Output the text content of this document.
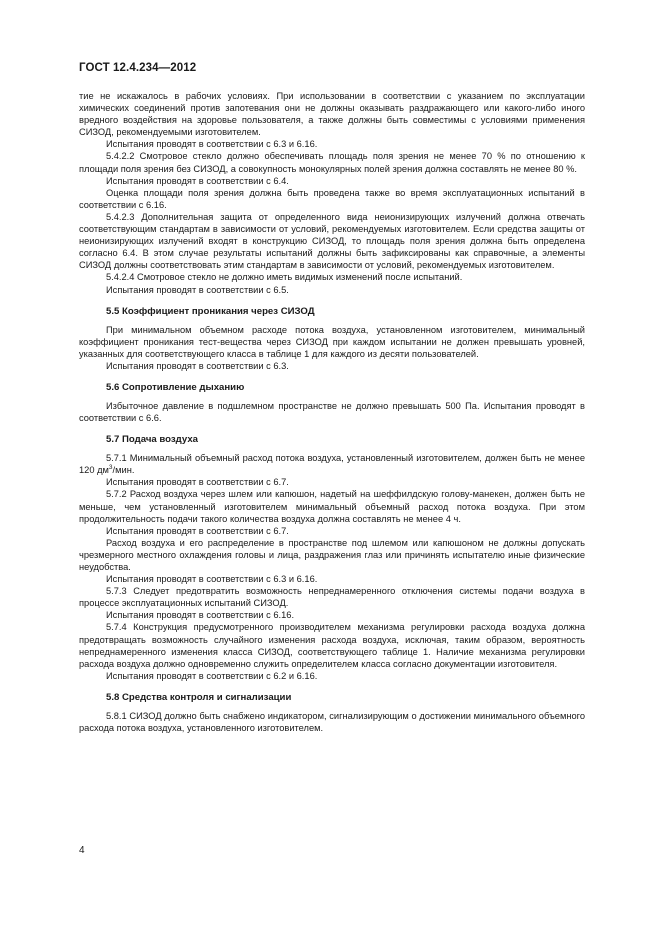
ГОСТ 12.4.234—2012

тие не искажалось в рабочих условиях. При использовании в соответствии с указанием по эксплуатации химических соединений против запотевания они не должны оказывать раздражающего или какого-либо иного вредного воздействия на здоровье пользователя, а также должны быть совместимы с условиями применения СИЗОД, рекомендуемыми изготовителем.

Испытания проводят в соответствии с 6.3 и 6.16.

5.4.2.2 Смотровое стекло должно обеспечивать площадь поля зрения не менее 70 % по отношению к площади поля зрения без СИЗОД, а совокупность монокулярных полей зрения должна составлять не менее 80 %.

Испытания проводят в соответствии с 6.4.

Оценка площади поля зрения должна быть проведена также во время эксплуатационных испытаний в соответствии с 6.16.

5.4.2.3 Дополнительная защита от определенного вида неионизирующих излучений должна отвечать соответствующим стандартам в зависимости от условий, рекомендуемых изготовителем. Если средства защиты от неионизирующих излучений входят в конструкцию СИЗОД, то площадь поля зрения должна быть определена согласно 6.4. В этом случае результаты испытаний должны быть зафиксированы как справочные, а элементы СИЗОД должны соответствовать этим стандартам в зависимости от условий, рекомендуемых изготовителем.

5.4.2.4 Смотровое стекло не должно иметь видимых изменений после испытаний.

Испытания проводят в соответствии с 6.5.

5.5 Коэффициент проникания через СИЗОД

При минимальном объемном расходе потока воздуха, установленном изготовителем, минимальный коэффициент проникания тест-вещества через СИЗОД при каждом испытании не должен превышать уровней, указанных для соответствующего класса в таблице 1 для каждого из десяти пользователей.

Испытания проводят в соответствии с 6.3.

5.6 Сопротивление дыханию

Избыточное давление в подшлемном пространстве не должно превышать 500 Па. Испытания проводят в соответствии с 6.6.

5.7 Подача воздуха

5.7.1 Минимальный объемный расход потока воздуха, установленный изготовителем, должен быть не менее 120 $дм^3$/мин.

Испытания проводят в соответствии с 6.7.

5.7.2 Расход воздуха через шлем или капюшон, надетый на шеффилдскую голову-манекен, должен быть не меньше, чем установленный изготовителем минимальный объемный расход потока воздуха. При этом продолжительность подачи такого количества воздуха должна составлять не менее 4 ч.

Испытания проводят в соответствии с 6.7.

Расход воздуха и его распределение в пространстве под шлемом или капюшоном не должны допускать чрезмерного местного охлаждения головы и лица, раздражения глаз или причинять испытателю иные физические неудобства.

Испытания проводят в соответствии с 6.3 и 6.16.

5.7.3 Следует предотвратить возможность непреднамеренного отключения системы подачи воздуха в процессе эксплуатационных испытаний СИЗОД.

Испытания проводят в соответствии с 6.16.

5.7.4 Конструкция предусмотренного производителем механизма регулировки расхода воздуха должна предотвращать возможность случайного изменения расхода воздуха, исключая, таким образом, вероятность непреднамеренного изменения класса СИЗОД, соответствующего таблице 1. Наличие механизма регулировки расхода воздуха должно одновременно служить определителем класса согласно документации изготовителя.

Испытания проводят в соответствии с 6.2 и 6.16.

5.8 Средства контроля и сигнализации

5.8.1 СИЗОД должно быть снабжено индикатором, сигнализирующим о достижении минимального объемного расхода потока воздуха, установленного изготовителем.

4
